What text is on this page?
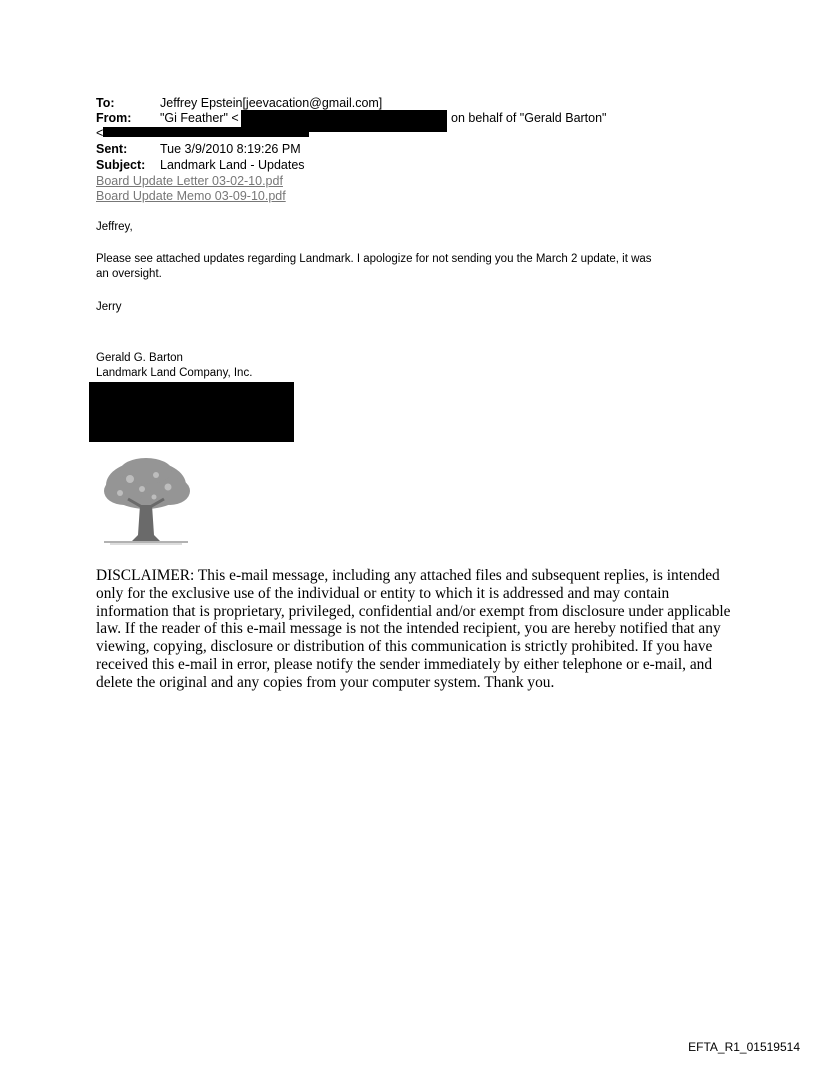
To:	Jeffrey Epstein[jeevacation@gmail.com]
From: "Gi Feather" <	on behalf of "Gerald Barton"
<
Sent:	Tue 3/9/2010 8:19:26 PM
Subject: Landmark Land - Updates
Board Update Letter 03-02-10.pdf
Board Update Memo 03-09-10.pdf
Jeffrey,
Please see attached updates regarding Landmark. I apologize for not sending you the March 2 update, it was
an oversight.
Jerry
Gerald G. Barton
Landmark Land Company, Inc.
DISCLAIMER: This e-mail message, including any attached files and subsequent replies, is intended only for the exclusive use of the individual or entity to which it is addressed and may contain information that is proprietary, privileged, confidential and/or exempt from disclosure under applicable law. If the reader of this e-mail message is not the intended recipient, you are hereby notified that any viewing, copying, disclosure or distribution of this communication is strictly prohibited. If you have received this e-mail in error, please notify the sender immediately by either telephone or e-mail, and delete the original and any copies from your computer system. Thank you.
EFTA_R1_01519514
